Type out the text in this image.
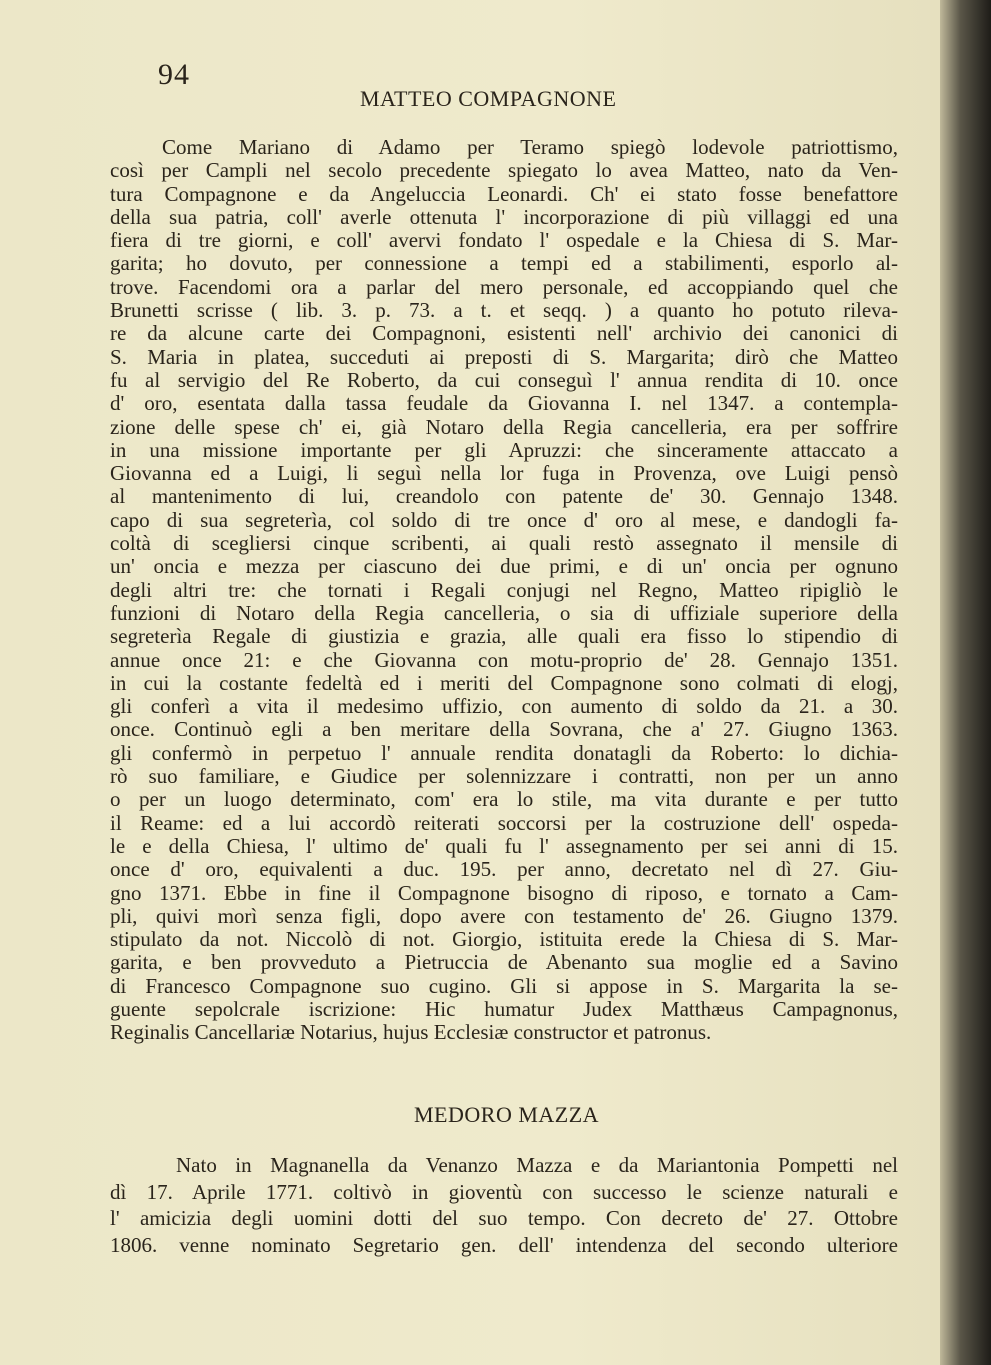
94
MATTEO COMPAGNONE
Come Mariano di Adamo per Teramo spiegò lodevole patriottismo,
così per Campli nel secolo precedente spiegato lo avea Matteo, nato da Ven-
tura Compagnone e da Angeluccia Leonardi. Ch' ei stato fosse benefattore
della sua patria, coll' averle ottenuta l' incorporazione di più villaggi ed una
fiera di tre giorni, e coll' avervi fondato l' ospedale e la Chiesa di S. Mar-
garita; ho dovuto, per connessione a tempi ed a stabilimenti, esporlo al-
trove. Facendomi ora a parlar del mero personale, ed accoppiando quel che
Brunetti scrisse ( lib. 3. p. 73. a t. et seqq. ) a quanto ho potuto rileva-
re da alcune carte dei Compagnoni, esistenti nell' archivio dei canonici di
S. Maria in platea, succeduti ai preposti di S. Margarita; dirò che Matteo
fu al servigio del Re Roberto, da cui conseguì l' annua rendita di 10. once
d' oro, esentata dalla tassa feudale da Giovanna I. nel 1347. a contempla-
zione delle spese ch' ei, già Notaro della Regia cancelleria, era per soffrire
in una missione importante per gli Apruzzi: che sinceramente attaccato a
Giovanna ed a Luigi, li seguì nella lor fuga in Provenza, ove Luigi pensò
al mantenimento di lui, creandolo con patente de' 30. Gennajo 1348.
capo di sua segreterìa, col soldo di tre once d' oro al mese, e dandogli fa-
coltà di scegliersi cinque scribenti, ai quali restò assegnato il mensile di
un' oncia e mezza per ciascuno dei due primi, e di un' oncia per ognuno
degli altri tre: che tornati i Regali conjugi nel Regno, Matteo ripigliò le
funzioni di Notaro della Regia cancelleria, o sia di uffiziale superiore della
segreterìa Regale di giustizia e grazia, alle quali era fisso lo stipendio di
annue once 21: e che Giovanna con motu-proprio de' 28. Gennajo 1351.
in cui la costante fedeltà ed i meriti del Compagnone sono colmati di elogj,
gli conferì a vita il medesimo uffizio, con aumento di soldo da 21. a 30.
once. Continuò egli a ben meritare della Sovrana, che a' 27. Giugno 1363.
gli confermò in perpetuo l' annuale rendita donatagli da Roberto: lo dichia-
rò suo familiare, e Giudice per solennizzare i contratti, non per un anno
o per un luogo determinato, com' era lo stile, ma vita durante e per tutto
il Reame: ed a lui accordò reiterati soccorsi per la costruzione dell' ospeda-
le e della Chiesa, l' ultimo de' quali fu l' assegnamento per sei anni di 15.
once d' oro, equivalenti a duc. 195. per anno, decretato nel dì 27. Giu-
gno 1371. Ebbe in fine il Compagnone bisogno di riposo, e tornato a Cam-
pli, quivi morì senza figli, dopo avere con testamento de' 26. Giugno 1379.
stipulato da not. Niccolò di not. Giorgio, istituita erede la Chiesa di S. Mar-
garita, e ben provveduto a Pietruccia de Abenanto sua moglie ed a Savino
di Francesco Compagnone suo cugino. Gli si appose in S. Margarita la se-
guente sepolcrale iscrizione: Hic humatur Judex Matthæus Campagnonus,
Reginalis Cancellariæ Notarius, hujus Ecclesiæ constructor et patronus.
MEDORO MAZZA
Nato in Magnanella da Venanzo Mazza e da Mariantonia Pompetti nel
dì 17. Aprile 1771. coltivò in gioventù con successo le scienze naturali e
l' amicizia degli uomini dotti del suo tempo. Con decreto de' 27. Ottobre
1806. venne nominato Segretario gen. dell' intendenza del secondo ulteriore
